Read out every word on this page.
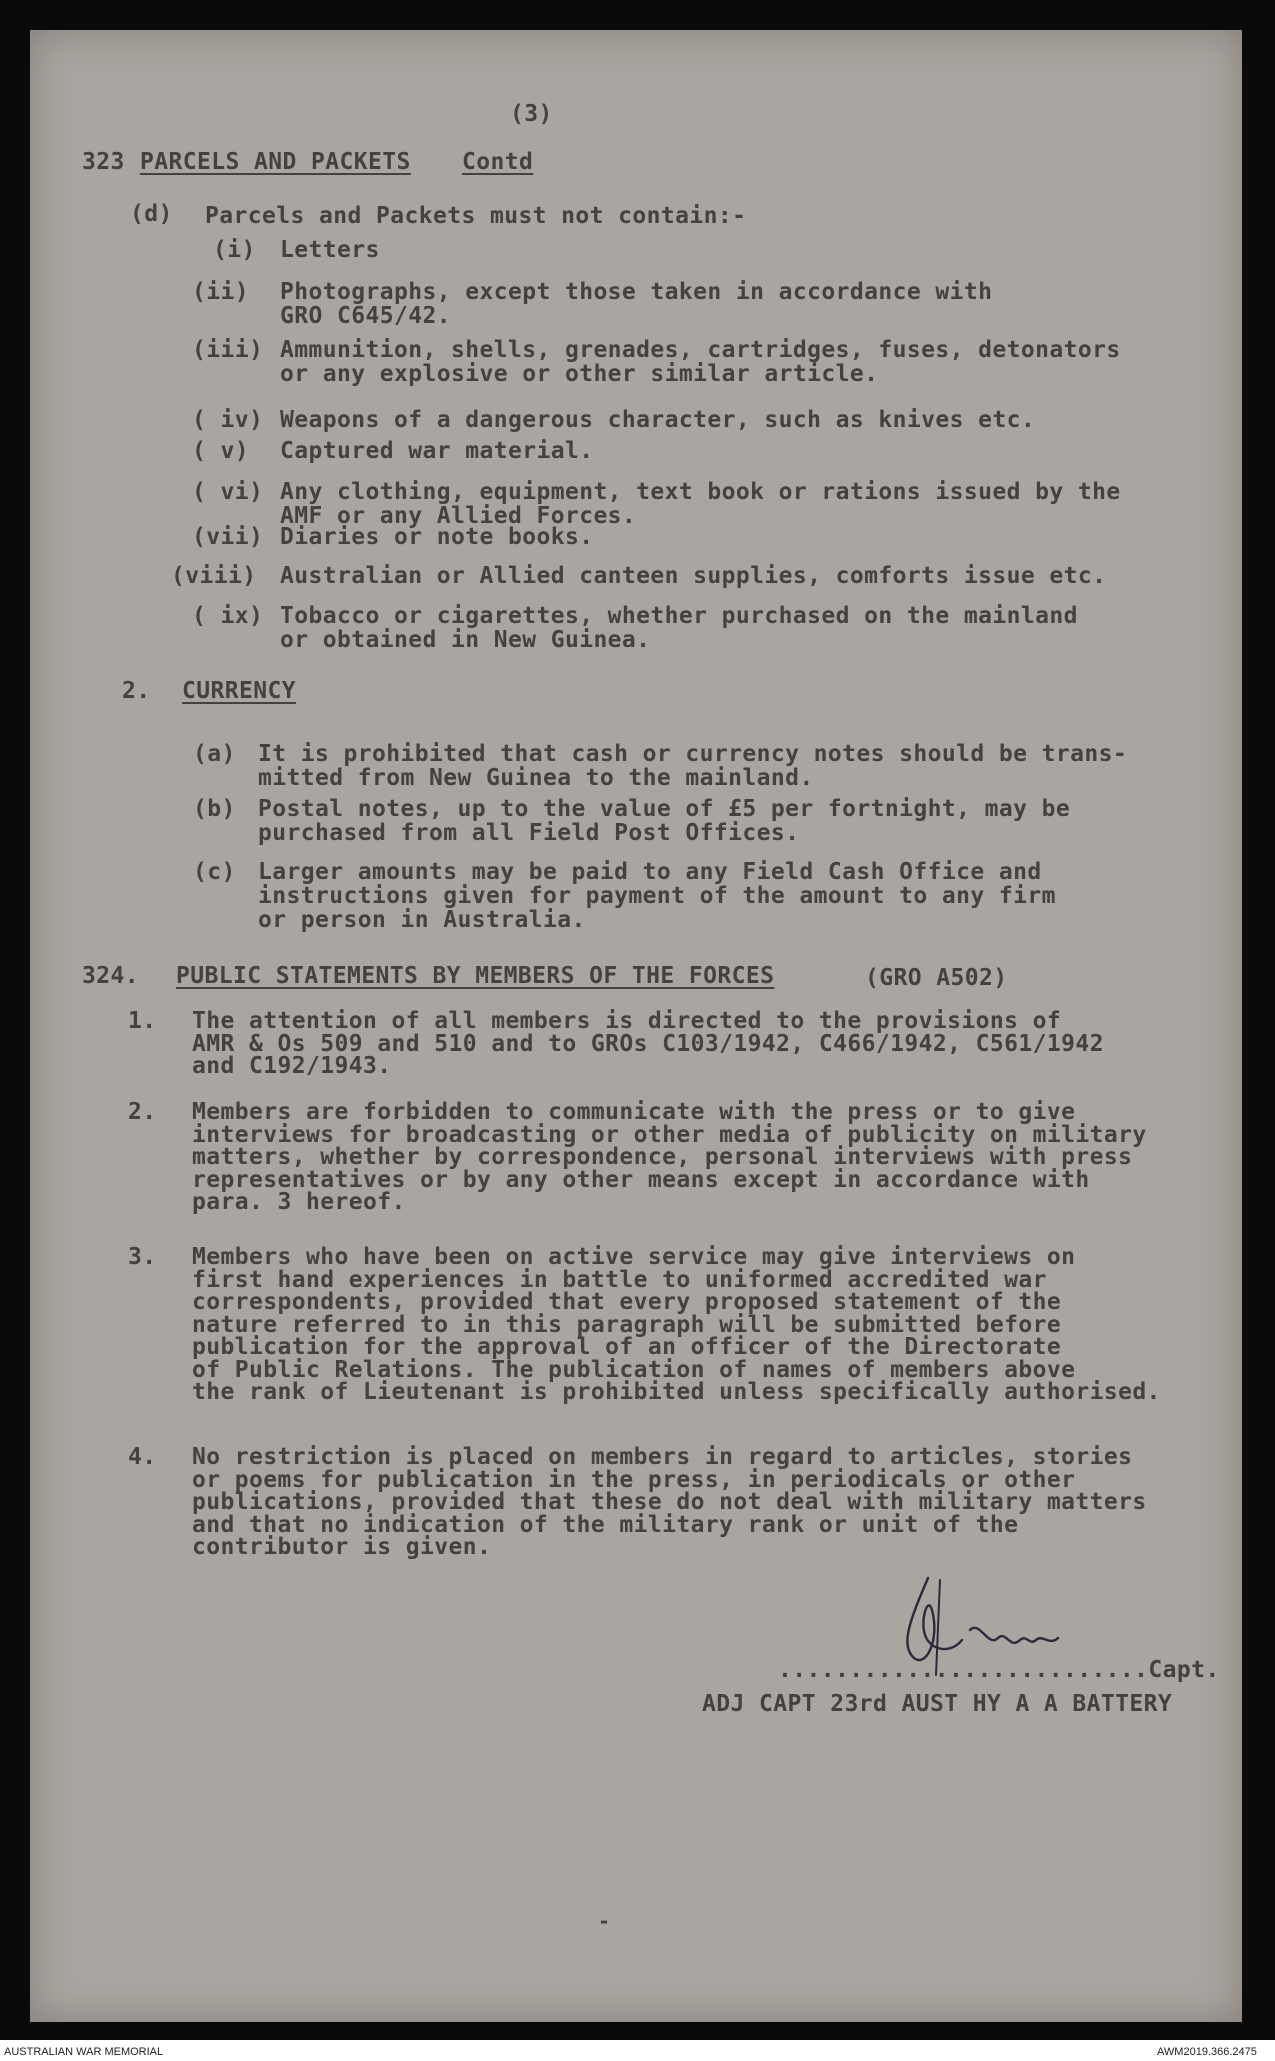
(3)
323 PARCELS AND PACKETS Contd
(d) Parcels and Packets must not contain:-
(i) Letters
(ii) Photographs, except those taken in accordance with
GRO C645/42.
(iii) Ammunition, shells, grenades, cartridges, fuses, detonators
or any explosive or other similar article.
( iv) Weapons of a dangerous character, such as knives etc.
( v) Captured war material.
( vi) Any clothing, equipment, text book or rations issued by the
AMF or any Allied Forces.
(vii) Diaries or note books.
(viii) Australian or Allied canteen supplies, comforts issue etc.
( ix) Tobacco or cigarettes, whether purchased on the mainland
or obtained in New Guinea.
2. CURRENCY
(a) It is prohibited that cash or currency notes should be trans-
mitted from New Guinea to the mainland.
(b) Postal notes, up to the value of £5 per fortnight, may be
purchased from all Field Post Offices.
(c) Larger amounts may be paid to any Field Cash Office and
instructions given for payment of the amount to any firm
or person in Australia.
324. PUBLIC STATEMENTS BY MEMBERS OF THE FORCES	(GRO A502)
1. The attention of all members is directed to the provisions of
AMR & Os 509 and 510 and to GROs C103/1942, C466/1942, C561/1942
and C192/1943.
2. Members are forbidden to communicate with the press or to give
interviews for broadcasting or other media of publicity on military
matters, whether by correspondence, personal interviews with press
representatives or by any other means except in accordance with
para. 3 hereof.
3. Members who have been on active service may give interviews on
first hand experiences in battle to uniformed accredited war
correspondents, provided that every proposed statement of the
nature referred to in this paragraph will be submitted before
publication for the approval of an officer of the Directorate
of Public Relations. The publication of names of members above
the rank of Lieutenant is prohibited unless specifically authorised.
4. No restriction is placed on members in regard to articles, stories
or poems for publication in the press, in periodicals or other
publications, provided that these do not deal with military matters
and that no indication of the military rank or unit of the
contributor is given.
..........................Capt.
ADJ CAPT 23rd AUST HY A A BATTERY
-
AUSTRALIAN WAR MEMORIAL	AWM2019.366.2475
